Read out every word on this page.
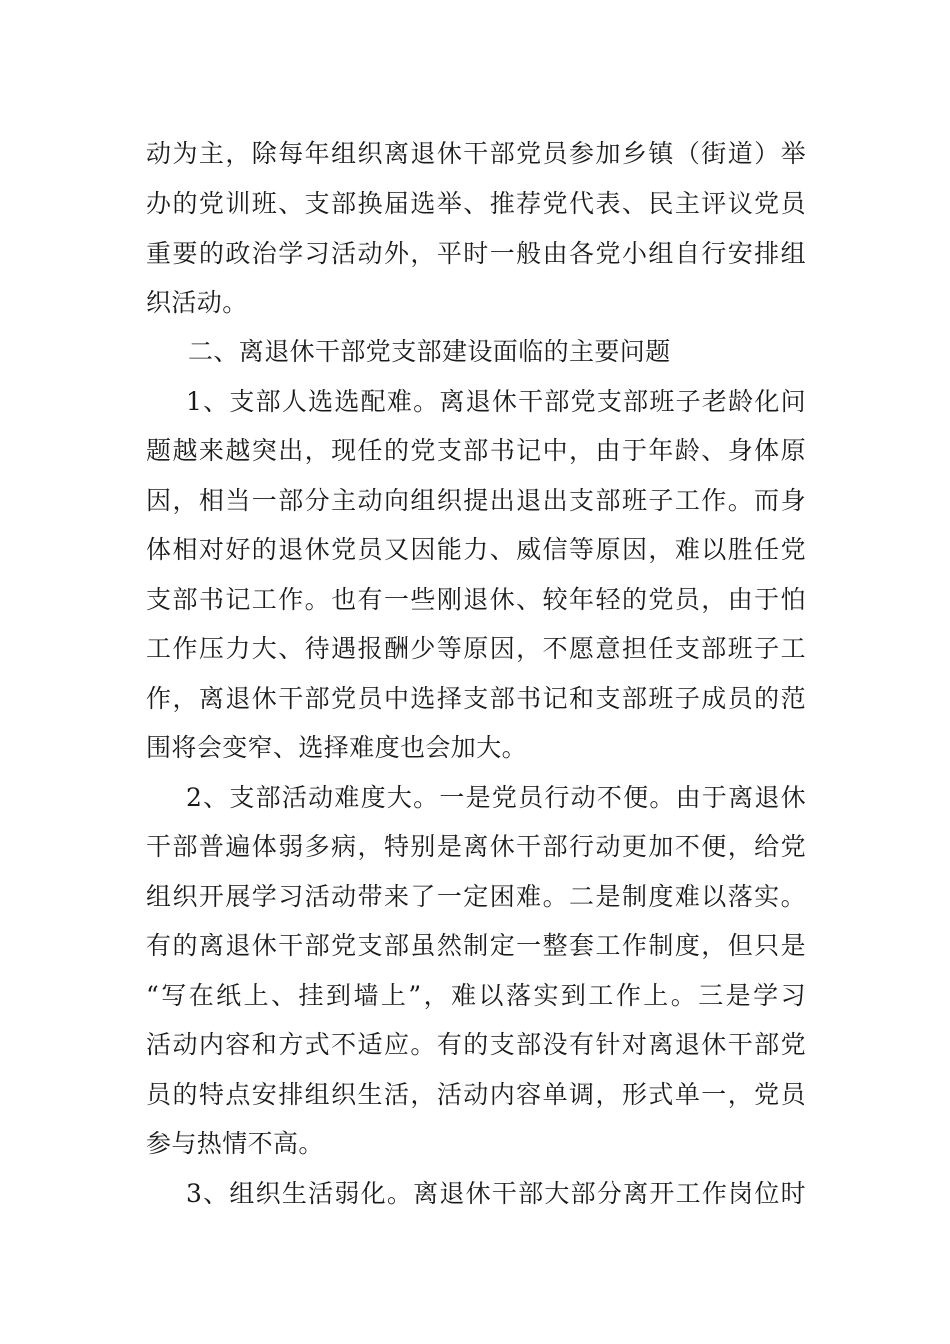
动为主，除每年组织离退休干部党员参加乡镇（街道）举
办的党训班、支部换届选举、推荐党代表、民主评议党员
重要的政治学习活动外，平时一般由各党小组自行安排组
织活动。
二、离退休干部党支部建设面临的主要问题
1、支部人选选配难。离退休干部党支部班子老龄化问
题越来越突出，现任的党支部书记中，由于年龄、身体原
因，相当一部分主动向组织提出退出支部班子工作。而身
体相对好的退休党员又因能力、威信等原因，难以胜任党
支部书记工作。也有一些刚退休、较年轻的党员，由于怕
工作压力大、待遇报酬少等原因，不愿意担任支部班子工
作，离退休干部党员中选择支部书记和支部班子成员的范
围将会变窄、选择难度也会加大。
2、支部活动难度大。一是党员行动不便。由于离退休
干部普遍体弱多病，特别是离休干部行动更加不便，给党
组织开展学习活动带来了一定困难。二是制度难以落实。
有的离退休干部党支部虽然制定一整套工作制度，但只是
“写在纸上、挂到墙上”，难以落实到工作上。三是学习
活动内容和方式不适应。有的支部没有针对离退休干部党
员的特点安排组织生活，活动内容单调，形式单一，党员
参与热情不高。
3、组织生活弱化。离退休干部大部分离开工作岗位时
